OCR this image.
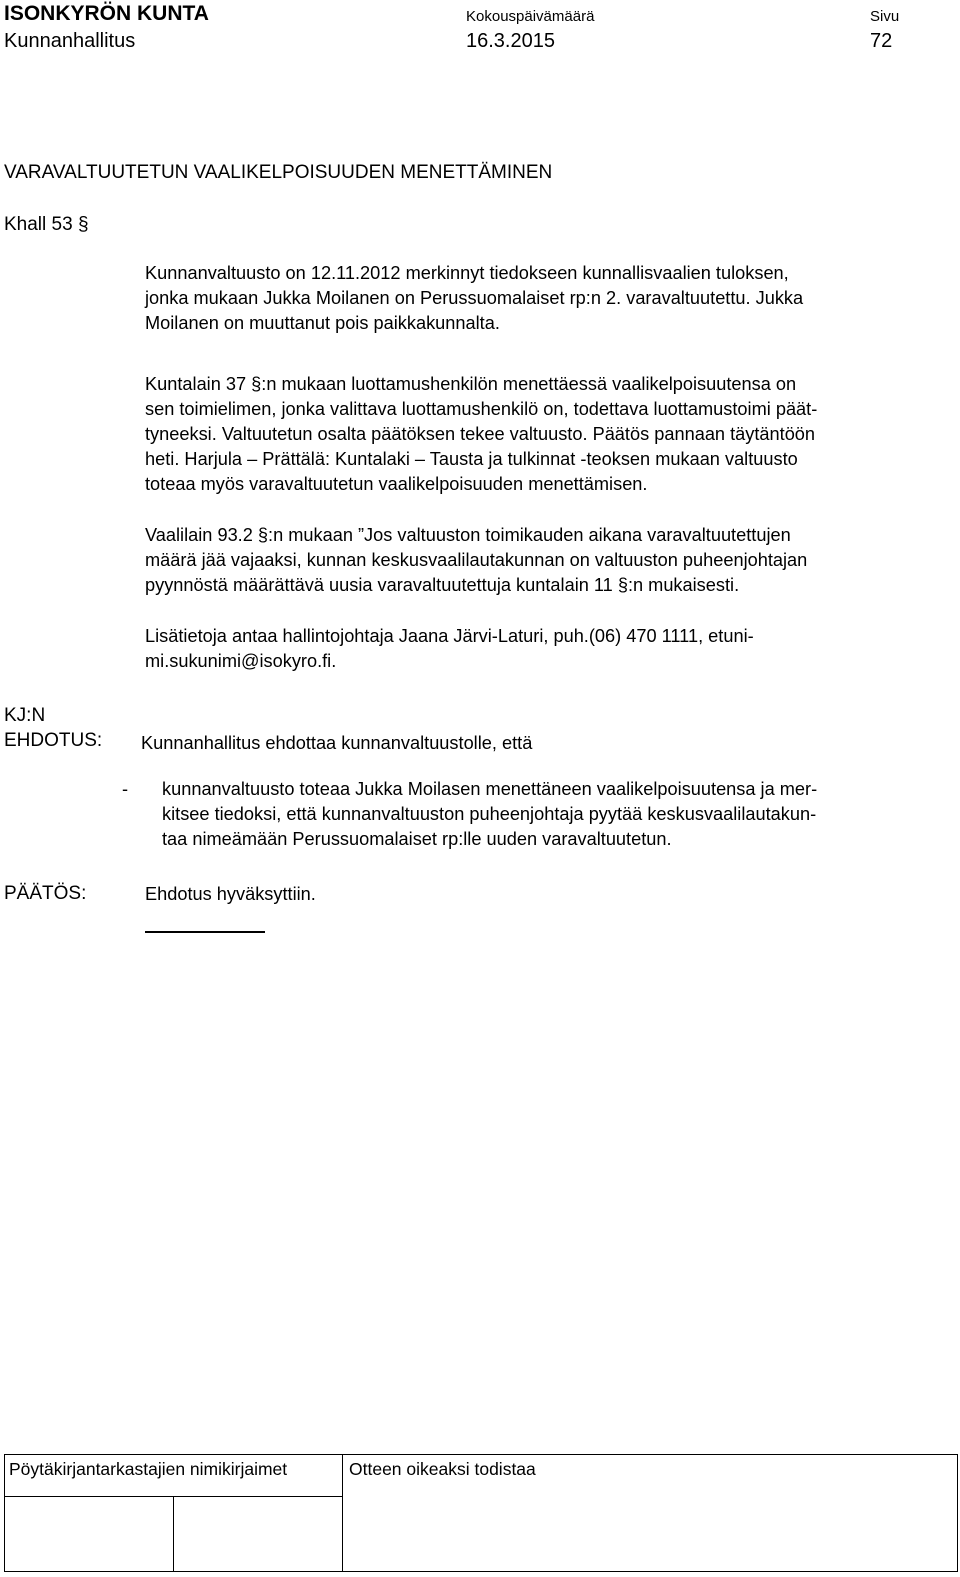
ISONKYRÖN KUNTA
Kunnanhallitus
Kokouspäivämäärä
16.3.2015
Sivu
72
VARAVALTUUTETUN VAALIKELPOISUUDEN MENETTÄMINEN
Khall 53 §
Kunnanvaltuusto on 12.11.2012 merkinnyt tiedokseen kunnallisvaalien tuloksen,
jonka mukaan Jukka Moilanen on Perussuomalaiset rp:n 2. varavaltuutettu. Jukka
Moilanen on muuttanut pois paikkakunnalta.
Kuntalain 37 §:n mukaan luottamushenkilön menettäessä vaalikelpoisuutensa on
sen toimielimen, jonka valittava luottamushenkilö on, todettava luottamustoimi päät-
tyneeksi. Valtuutetun osalta päätöksen tekee valtuusto. Päätös pannaan täytäntöön
heti. Harjula – Prättälä: Kuntalaki – Tausta ja tulkinnat -teoksen mukaan valtuusto
toteaa myös varavaltuutetun vaalikelpoisuuden menettämisen.
Vaalilain 93.2 §:n mukaan ”Jos valtuuston toimikauden aikana varavaltuutettujen
määrä jää vajaaksi, kunnan keskusvaalilautakunnan on valtuuston puheenjohtajan
pyynnöstä määrättävä uusia varavaltuutettuja kuntalain 11 §:n mukaisesti.
Lisätietoja antaa hallintojohtaja Jaana Järvi-Laturi, puh.(06) 470 1111, etuni-
mi.sukunimi@isokyro.fi.
KJ:N
EHDOTUS: Kunnanhallitus ehdottaa kunnanvaltuustolle, että
- kunnanvaltuusto toteaa Jukka Moilasen menettäneen vaalikelpoisuutensa ja mer-
kitsee tiedoksi, että kunnanvaltuuston puheenjohtaja pyytää keskusvaalilautakun-
taa nimeämään Perussuomalaiset rp:lle uuden varavaltuutetun.
PÄÄTÖS:	Ehdotus hyväksyttiin.
Pöytäkirjantarkastajien nimikirjaimet	Otteen oikeaksi todistaa
